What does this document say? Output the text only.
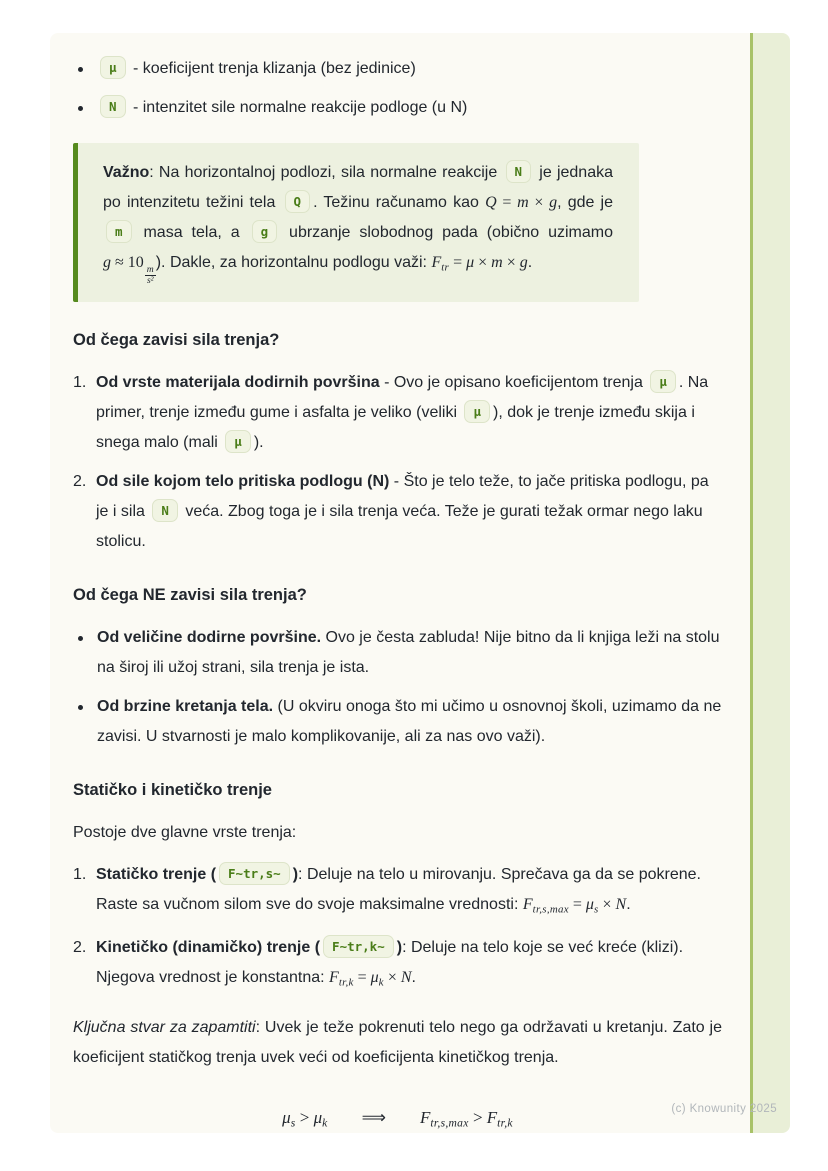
μ - koeficijent trenja klizanja (bez jedinice)
N - intenzitet sile normalne reakcije podloge (u N)
Važno: Na horizontalnoj podlozi, sila normalne reakcije N je jednaka po intenzitetu težini tela Q . Težinu računamo kao Q = m × g, gde je m masa tela, a g ubrzanje slobodnog pada (obično uzimamo g ≈ 10
$\frac{m}{\text{s²}}$
). Dakle, za horizontalnu podlogu važi: $F_{tr} = \mu \times m \times g$.
Od čega zavisi sila trenja?
1. Od vrste materijala dodirnih površina - Ovo je opisano koeficijentom trenja μ . Na primer, trenje između gume i asfalta je veliko (veliki μ ), dok je trenje između skija i snega malo (mali μ ).
2. Od sile kojom telo pritiska podlogu (N) - Što je telo teže, to jače pritiska podlogu, pa je i sila N veća. Zbog toga je i sila trenja veća. Teže je gurati težak ormar nego laku stolicu.
Od čega NE zavisi sila trenja?
Od veličine dodirne površine. Ovo je česta zabluda! Nije bitno da li knjiga leži na stolu na široj ili užoj strani, sila trenja je ista.
Od brzine kretanja tela. (U okviru onoga što mi učimo u osnovnoj školi, uzimamo da ne zavisi. U stvarnosti je malo komplikovanije, ali za nas ovo važi).
Statičko i kinetičko trenje

Postoje dve glavne vrste trenja:

1. Statičko trenje ( F~tr,s~ ): Deluje na telo u mirovanju. Sprečava ga da se pokrene. Raste sa vučnom silom sve do svoje maksimalne vrednosti: $F_{tr,s,max} = \mu_s \times N$.
2. Kinetičko (dinamičko) trenje ( F~tr,k~ ): Deluje na telo koje se već kreće (klizi). Njegova vrednost je konstantna: $F_{tr,k} = \mu_k \times N$.

Ključna stvar za zapamtiti: Uvek je teže pokrenuti telo nego ga održavati u kretanju. Zato je koeficijent statičkog trenja uvek veći od koeficijenta kinetičkog trenja.

$\mu_s > \mu_k$  ⟹  $F_{tr,s,max} > F_{tr,k}$
(c) Knowunity 2025
